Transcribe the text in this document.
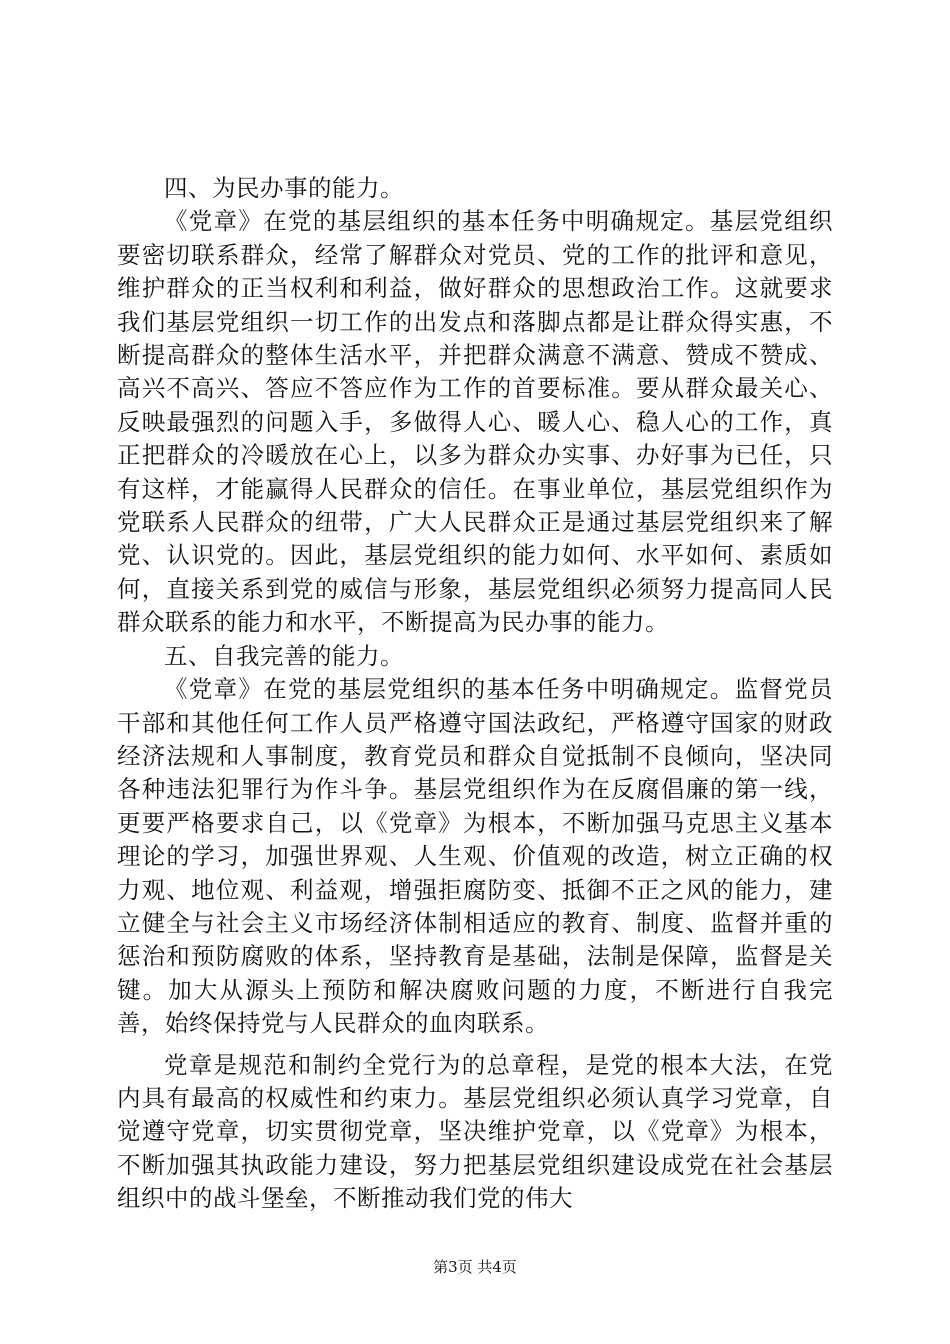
四、为民办事的能力。

《党章》在党的基层组织的基本任务中明确规定。基层党组织要密切联系群众，经常了解群众对党员、党的工作的批评和意见，维护群众的正当权利和利益，做好群众的思想政治工作。这就要求我们基层党组织一切工作的出发点和落脚点都是让群众得实惠，不断提高群众的整体生活水平，并把群众满意不满意、赞成不赞成、高兴不高兴、答应不答应作为工作的首要标准。要从群众最关心、反映最强烈的问题入手，多做得人心、暖人心、稳人心的工作，真正把群众的冷暖放在心上，以多为群众办实事、办好事为已任，只有这样，才能赢得人民群众的信任。在事业单位，基层党组织作为党联系人民群众的纽带，广大人民群众正是通过基层党组织来了解党、认识党的。因此，基层党组织的能力如何、水平如何、素质如何，直接关系到党的威信与形象，基层党组织必须努力提高同人民群众联系的能力和水平，不断提高为民办事的能力。

五、自我完善的能力。

《党章》在党的基层党组织的基本任务中明确规定。监督党员干部和其他任何工作人员严格遵守国法政纪，严格遵守国家的财政经济法规和人事制度，教育党员和群众自觉抵制不良倾向，坚决同各种违法犯罪行为作斗争。基层党组织作为在反腐倡廉的第一线，更要严格要求自己，以《党章》为根本，不断加强马克思主义基本理论的学习，加强世界观、人生观、价值观的改造，树立正确的权力观、地位观、利益观，增强拒腐防变、抵御不正之风的能力，建立健全与社会主义市场经济体制相适应的教育、制度、监督并重的惩治和预防腐败的体系，坚持教育是基础，法制是保障，监督是关键。加大从源头上预防和解决腐败问题的力度，不断进行自我完善，始终保持党与人民群众的血肉联系。

党章是规范和制约全党行为的总章程，是党的根本大法，在党内具有最高的权威性和约束力。基层党组织必须认真学习党章，自觉遵守党章，切实贯彻党章，坚决维护党章，以《党章》为根本，不断加强其执政能力建设，努力把基层党组织建设成党在社会基层组织中的战斗堡垒，不断推动我们党的伟大

第3页 共4页
